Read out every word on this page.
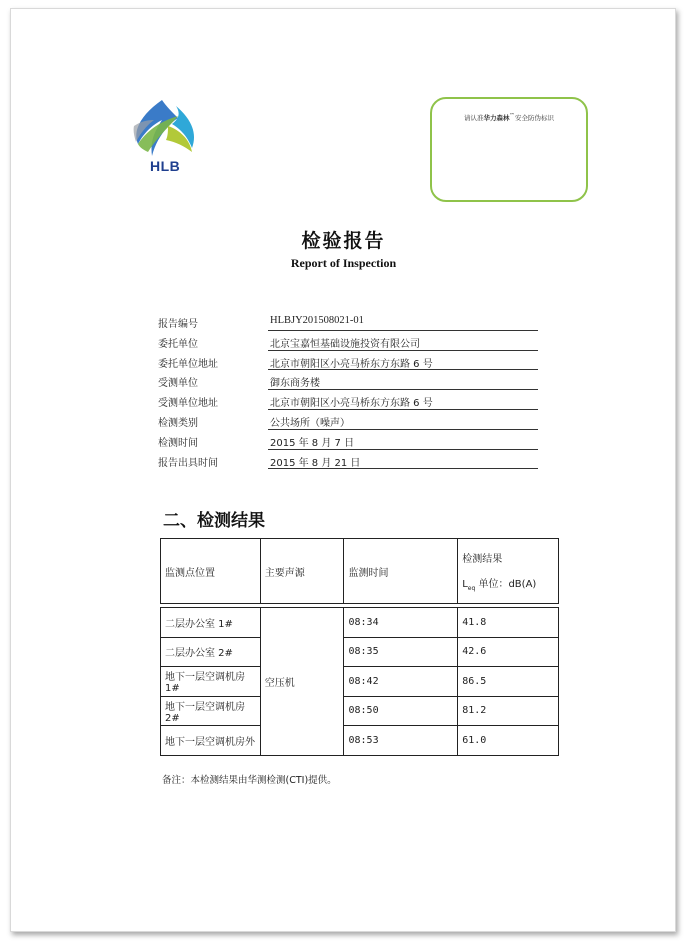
HLB
请认准华力森林™安全防伪标识
检验报告
Report of Inspection
报告编号	HLBJY201508021-01
委托单位	北京宝嘉恒基础设施投资有限公司
委托单位地址	北京市朝阳区小亮马桥东方东路 6 号
受测单位	御东商务楼
受测单位地址	北京市朝阳区小亮马桥东方东路 6 号
检测类别	公共场所（噪声）
检测时间	2015 年 8 月 7 日
报告出具时间	2015 年 8 月 21 日
二、检测结果
监测点位置	主要声源	监测时间	检测结果
$L_{eq}$ 单位：dB(A)

二层办公室 1#	空压机	08:34	41.8
二层办公室 2#		08:35	42.6
地下一层空调机房 1#		08:42	86.5
地下一层空调机房 2#		08:50	81.2
地下一层空调机房外		08:53	61.0
备注：本检测结果由华测检测(CTI)提供。
